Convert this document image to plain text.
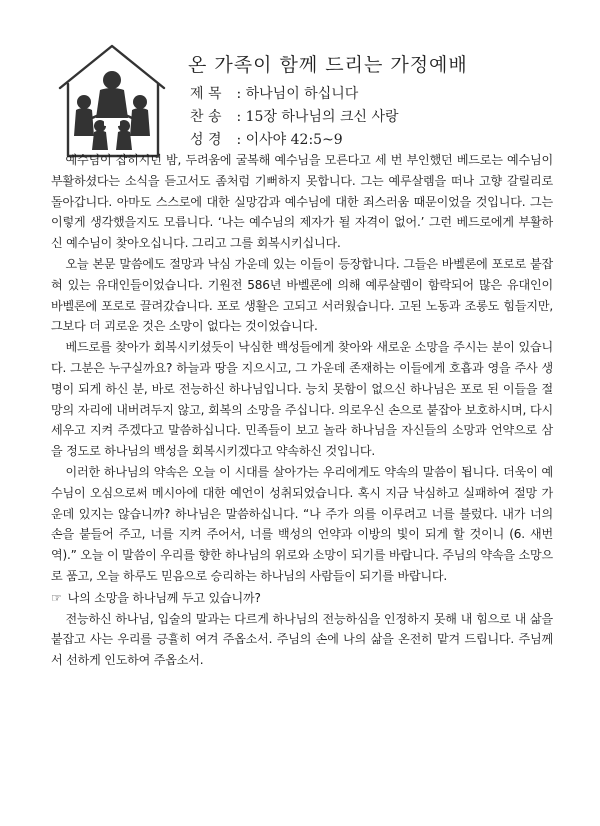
온 가족이 함께 드리는 가정예배
제 목 : 하나님이 하십니다
찬 송 : 15장 하나님의 크신 사랑
성 경 : 이사야 42:5~9

예수님이 잡히시던 밤, 두려움에 굴복해 예수님을 모른다고 세 번 부인했던 베드로는 예수님이 부활하셨다는 소식을 듣고서도 좀처럼 기뻐하지 못합니다. 그는 예루살렘을 떠나 고향 갈릴리로 돌아갑니다. 아마도 스스로에 대한 실망감과 예수님에 대한 죄스러움 때문이었을 것입니다. 그는 이렇게 생각했을지도 모릅니다. ‘나는 예수님의 제자가 될 자격이 없어.’ 그런 베드로에게 부활하신 예수님이 찾아오십니다. 그리고 그를 회복시키십니다.

오늘 본문 말씀에도 절망과 낙심 가운데 있는 이들이 등장합니다. 그들은 바벨론에 포로로 붙잡혀 있는 유대인들이었습니다. 기원전 586년 바벨론에 의해 예루살렘이 함락되어 많은 유대인이 바벨론에 포로로 끌려갔습니다. 포로 생활은 고되고 서러웠습니다. 고된 노동과 조롱도 힘들지만, 그보다 더 괴로운 것은 소망이 없다는 것이었습니다.

베드로를 찾아가 회복시키셨듯이 낙심한 백성들에게 찾아와 새로운 소망을 주시는 분이 있습니다. 그분은 누구실까요? 하늘과 땅을 지으시고, 그 가운데 존재하는 이들에게 호흡과 영을 주사 생명이 되게 하신 분, 바로 전능하신 하나님입니다. 능치 못함이 없으신 하나님은 포로 된 이들을 절망의 자리에 내버려두지 않고, 회복의 소망을 주십니다. 의로우신 손으로 붙잡아 보호하시며, 다시 세우고 지켜 주겠다고 말씀하십니다. 민족들이 보고 놀라 하나님을 자신들의 소망과 언약으로 삼을 정도로 하나님의 백성을 회복시키겠다고 약속하신 것입니다.

이러한 하나님의 약속은 오늘 이 시대를 살아가는 우리에게도 약속의 말씀이 됩니다. 더욱이 예수님이 오심으로써 메시아에 대한 예언이 성취되었습니다. 혹시 지금 낙심하고 실패하여 절망 가운데 있지는 않습니까? 하나님은 말씀하십니다. “나 주가 의를 이루려고 너를 불렀다. 내가 너의 손을 붙들어 주고, 너를 지켜 주어서, 너를 백성의 언약과 이방의 빛이 되게 할 것이니 (6. 새번역).” 오늘 이 말씀이 우리를 향한 하나님의 위로와 소망이 되기를 바랍니다. 주님의 약속을 소망으로 품고, 오늘 하루도 믿음으로 승리하는 하나님의 사람들이 되기를 바랍니다.

☞ 나의 소망을 하나님께 두고 있습니까?

전능하신 하나님, 입술의 말과는 다르게 하나님의 전능하심을 인정하지 못해 내 힘으로 내 삶을 붙잡고 사는 우리를 긍휼히 여겨 주옵소서. 주님의 손에 나의 삶을 온전히 맡겨 드립니다. 주님께서 선하게 인도하여 주옵소서.
